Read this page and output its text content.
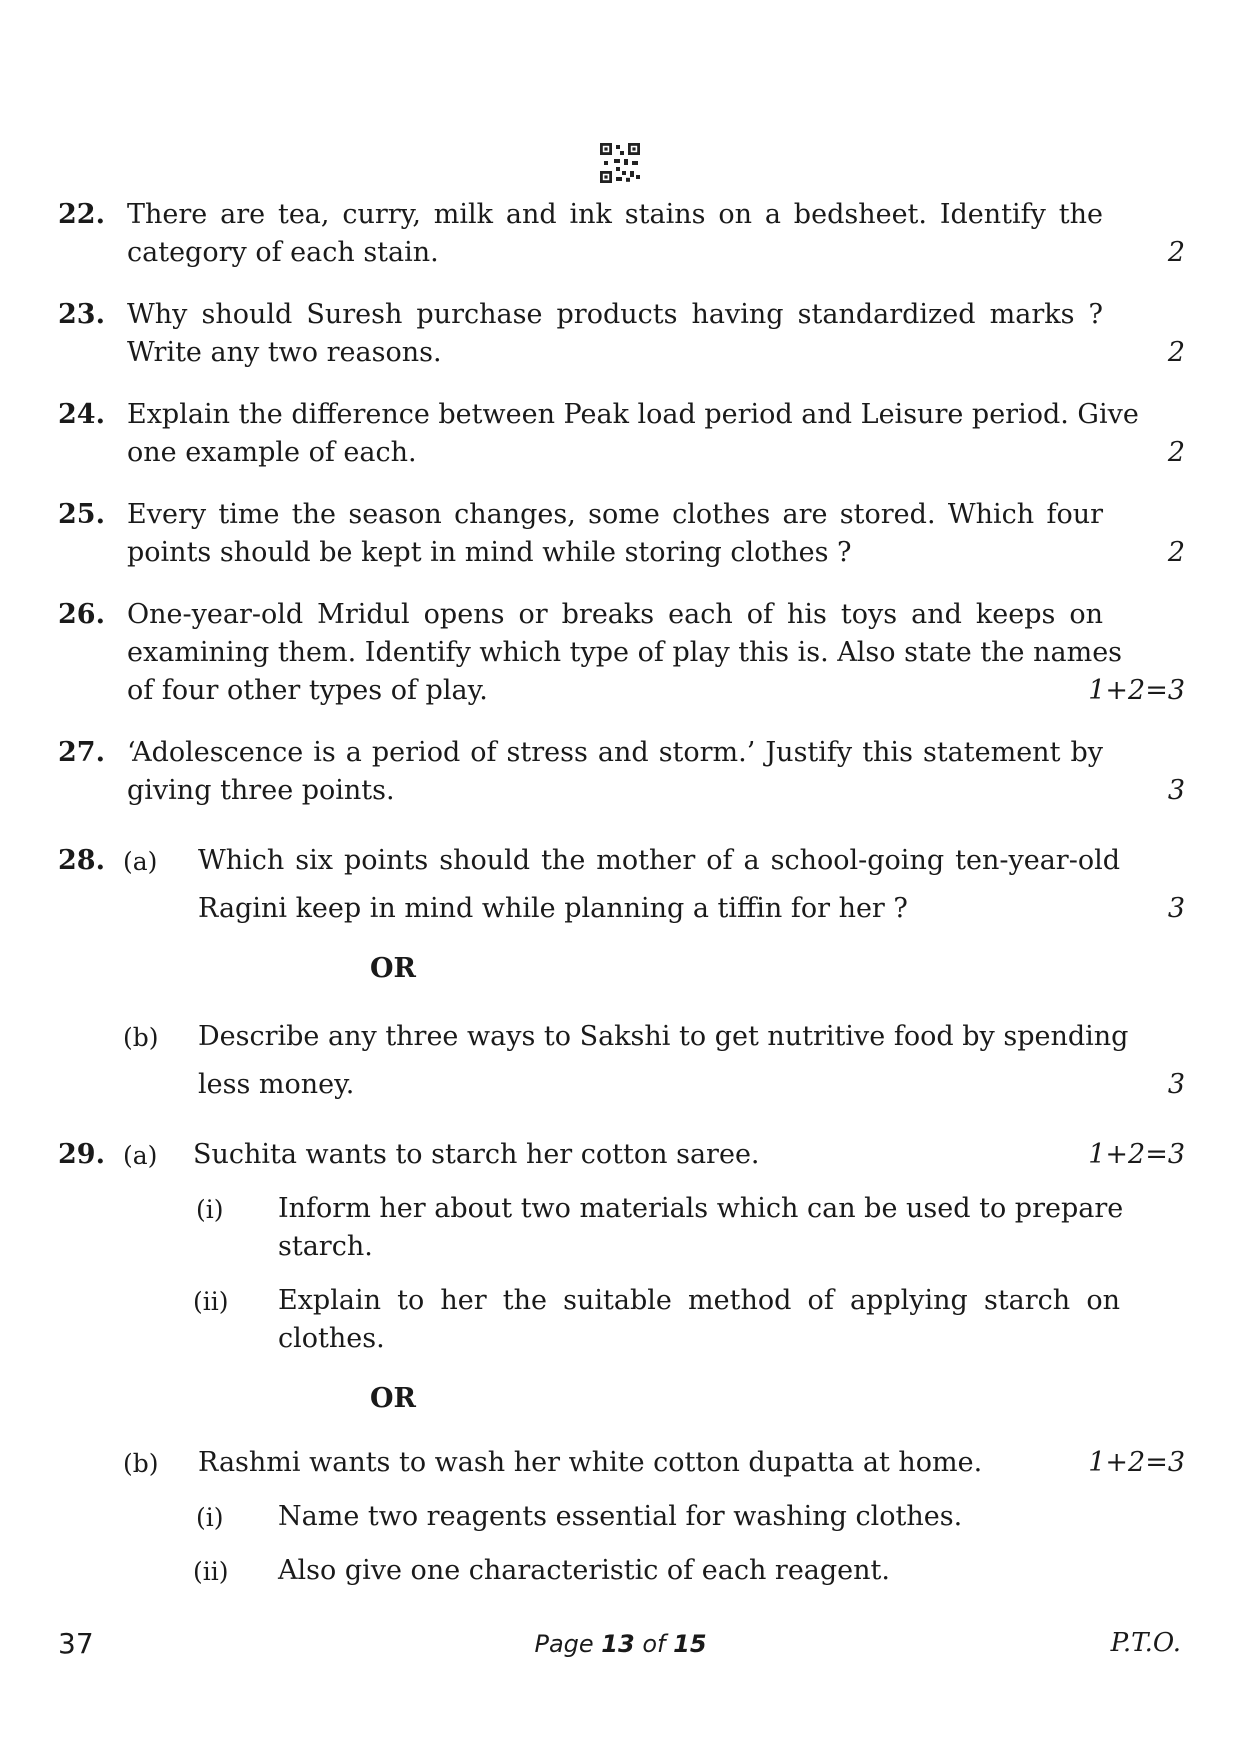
22. There are tea, curry, milk and ink stains on a bedsheet. Identify the
category of each stain.	2
23. Why should Suresh purchase products having standardized marks ?
Write any two reasons.	2
24. Explain the difference between Peak load period and Leisure period. Give
one example of each.	2
25. Every time the season changes, some clothes are stored. Which four
points should be kept in mind while storing clothes ?	2
26. One-year-old Mridul opens or breaks each of his toys and keeps on
examining them. Identify which type of play this is. Also state the names
of four other types of play.	1+2=3
27. ‘Adolescence is a period of stress and storm.’ Justify this statement by
giving three points.	3
28. (a) Which six points should the mother of a school-going ten-year-old
Ragini keep in mind while planning a tiffin for her ?	3
OR
(b) Describe any three ways to Sakshi to get nutritive food by spending
less money.	3
29. (a) Suchita wants to starch her cotton saree.	1+2=3
(i) Inform her about two materials which can be used to prepare
starch.
(ii) Explain to her the suitable method of applying starch on
clothes.
OR
(b) Rashmi wants to wash her white cotton dupatta at home.	1+2=3
(i) Name two reagents essential for washing clothes.
(ii) Also give one characteristic of each reagent.
37	Page 13 of 15	P.T.O.
